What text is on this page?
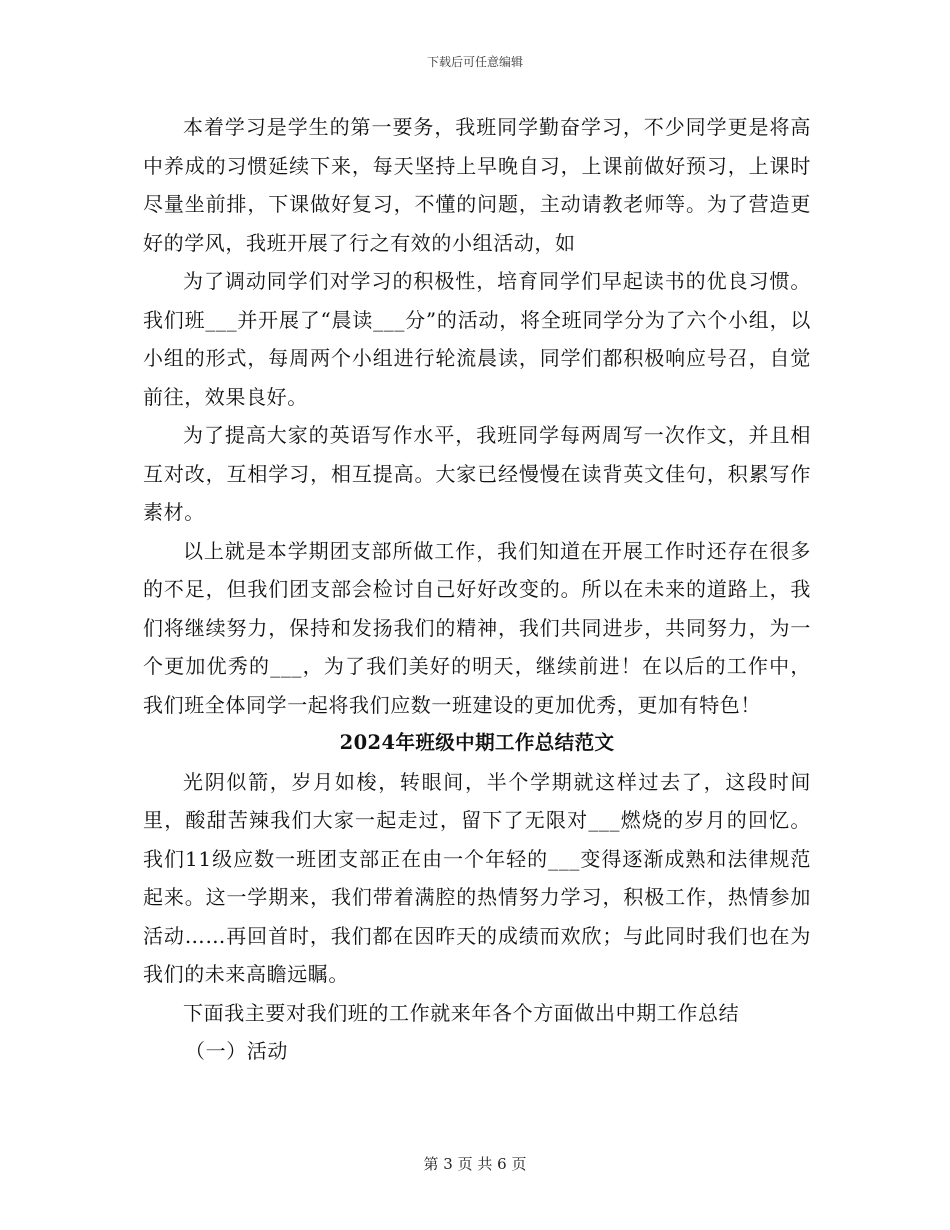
下载后可任意编辑

本着学习是学生的第一要务，我班同学勤奋学习，不少同学更是将高中养成的习惯延续下来，每天坚持上早晚自习，上课前做好预习，上课时尽量坐前排，下课做好复习，不懂的问题，主动请教老师等。为了营造更好的学风，我班开展了行之有效的小组活动，如

为了调动同学们对学习的积极性，培育同学们早起读书的优良习惯。我们班___并开展了“晨读___分”的活动，将全班同学分为了六个小组，以小组的形式，每周两个小组进行轮流晨读，同学们都积极响应号召，自觉前往，效果良好。

为了提高大家的英语写作水平，我班同学每两周写一次作文，并且相互对改，互相学习，相互提高。大家已经慢慢在读背英文佳句，积累写作素材。

以上就是本学期团支部所做工作，我们知道在开展工作时还存在很多的不足，但我们团支部会检讨自己好好改变的。所以在未来的道路上，我们将继续努力，保持和发扬我们的精神，我们共同进步，共同努力，为一个更加优秀的___，为了我们美好的明天，继续前进！在以后的工作中，我们班全体同学一起将我们应数一班建设的更加优秀，更加有特色！

2024年班级中期工作总结范文

光阴似箭，岁月如梭，转眼间，半个学期就这样过去了，这段时间里，酸甜苦辣我们大家一起走过，留下了无限对___燃烧的岁月的回忆。我们11级应数一班团支部正在由一个年轻的___变得逐渐成熟和法律规范起来。这一学期来，我们带着满腔的热情努力学习，积极工作，热情参加活动……再回首时，我们都在因昨天的成绩而欢欣；与此同时我们也在为我们的未来高瞻远瞩。

下面我主要对我们班的工作就来年各个方面做出中期工作总结

（一）活动

第 3 页 共 6 页
